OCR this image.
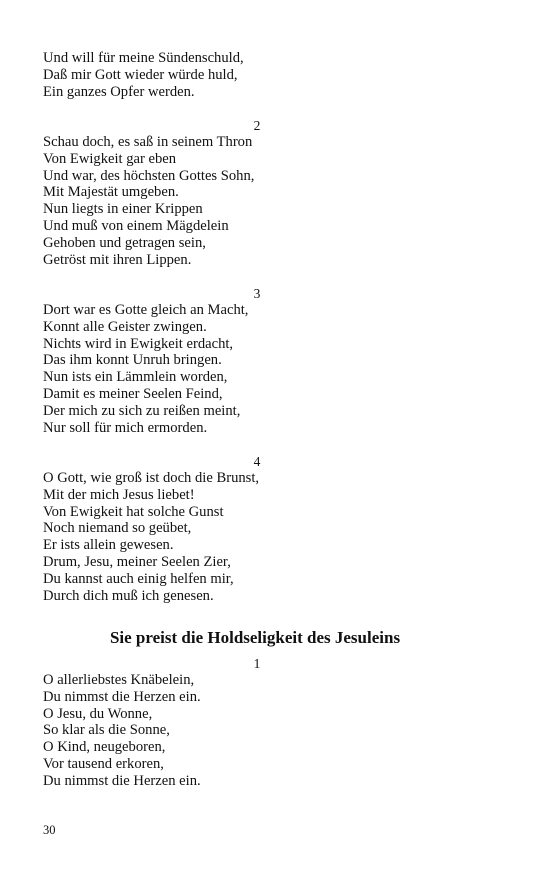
Und will für meine Sündenschuld,
Daß mir Gott wieder würde huld,
Ein ganzes Opfer werden.
2
Schau doch, es saß in seinem Thron
Von Ewigkeit gar eben
Und war, des höchsten Gottes Sohn,
Mit Majestät umgeben.
Nun liegts in einer Krippen
Und muß von einem Mägdelein
Gehoben und getragen sein,
Getröst mit ihren Lippen.
3
Dort war es Gotte gleich an Macht,
Konnt alle Geister zwingen.
Nichts wird in Ewigkeit erdacht,
Das ihm konnt Unruh bringen.
Nun ists ein Lämmlein worden,
Damit es meiner Seelen Feind,
Der mich zu sich zu reißen meint,
Nur soll für mich ermorden.
4
O Gott, wie groß ist doch die Brunst,
Mit der mich Jesus liebet!
Von Ewigkeit hat solche Gunst
Noch niemand so geübet,
Er ists allein gewesen.
Drum, Jesu, meiner Seelen Zier,
Du kannst auch einig helfen mir,
Durch dich muß ich genesen.
Sie preist die Holdseligkeit des Jesuleins
1
O allerliebstes Knäbelein,
Du nimmst die Herzen ein.
O Jesu, du Wonne,
So klar als die Sonne,
O Kind, neugeboren,
Vor tausend erkoren,
Du nimmst die Herzen ein.
30
